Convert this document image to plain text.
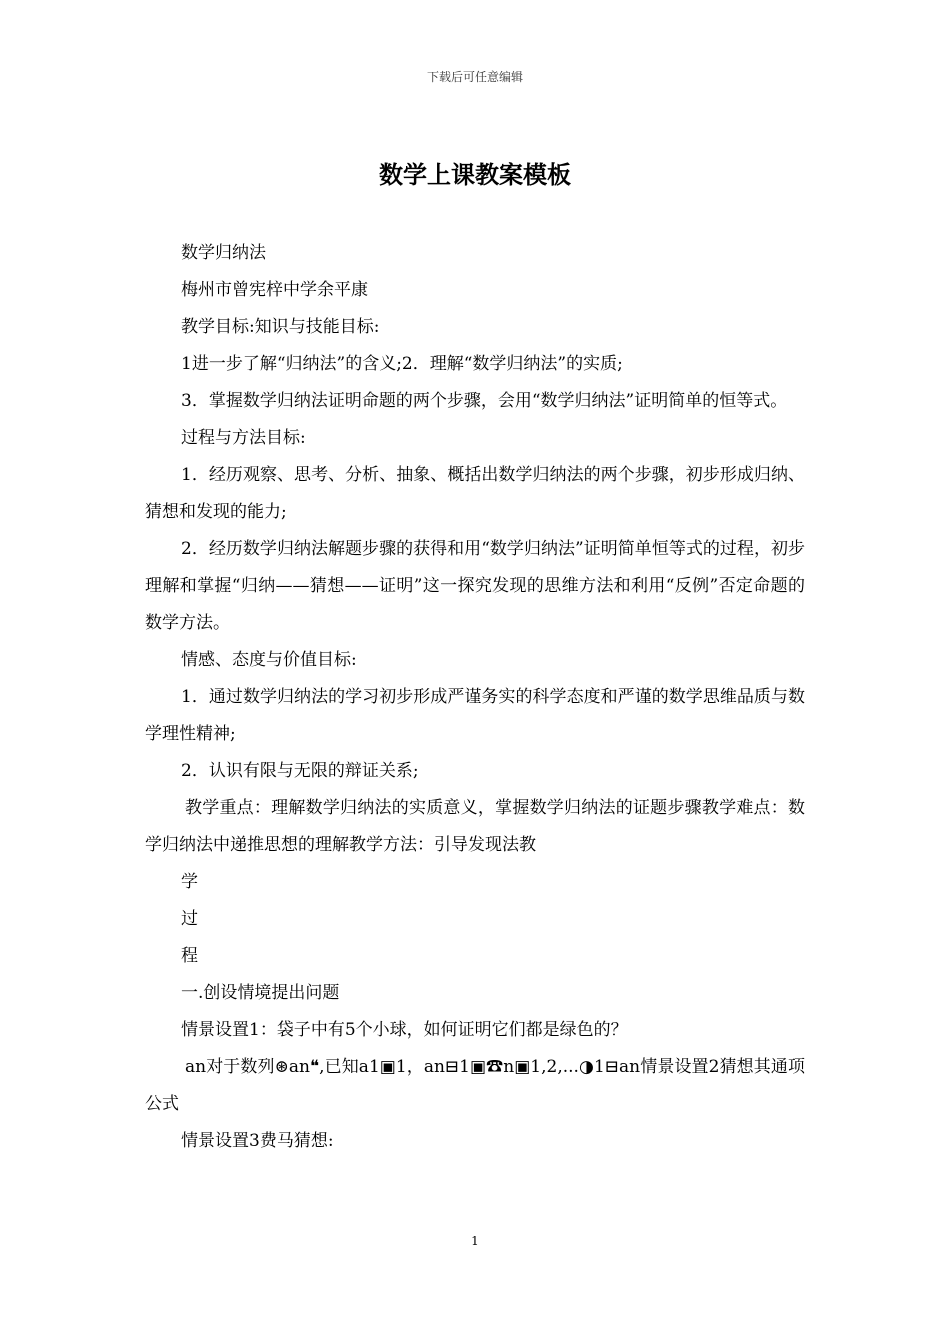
下载后可任意编辑
数学上课教案模板

数学归纳法

梅州市曾宪梓中学余平康

教学目标:知识与技能目标:

1进一步了解“归纳法”的含义;2．理解“数学归纳法”的实质;

3．掌握数学归纳法证明命题的两个步骤，会用“数学归纳法”证明简单的恒等式。

过程与方法目标:

1．经历观察、思考、分析、抽象、概括出数学归纳法的两个步骤，初步形成归纳、猜想和发现的能力;

2．经历数学归纳法解题步骤的获得和用“数学归纳法”证明简单恒等式的过程，初步理解和掌握“归纳——猜想——证明”这一探究发现的思维方法和利用“反例”否定命题的数学方法。

情感、态度与价值目标:

1．通过数学归纳法的学习初步形成严谨务实的科学态度和严谨的数学思维品质与数学理性精神;

2．认识有限与无限的辩证关系;

教学重点：理解数学归纳法的实质意义，掌握数学归纳法的证题步骤教学难点：数学归纳法中递推思想的理解教学方法：引导发现法教

学

过

程

一.创设情境提出问题

情景设置1：袋子中有5个小球，如何证明它们都是绿色的？

an对于数列⊛an❝,已知a1▣1，an⊟1▣☎n▣1,2,...◑1⊟an情景设置2猜想其通项公式

情景设置3费马猜想:

1
